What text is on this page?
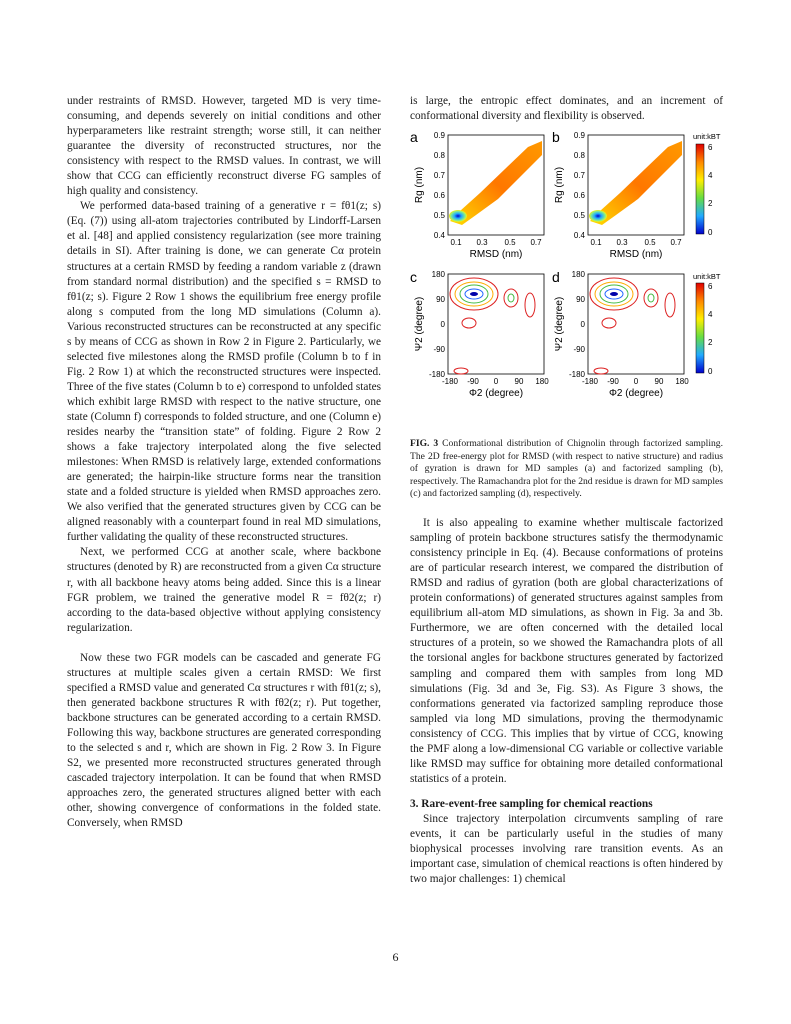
under restraints of RMSD. However, targeted MD is very time-consuming, and depends severely on initial conditions and other hyperparameters like restraint strength; worse still, it can neither guarantee the diversity of reconstructed structures, nor the consistency with respect to the RMSD values. In contrast, we will show that CCG can efficiently reconstruct diverse FG samples of high quality and consistency.

We performed data-based training of a generative r = fθ1(z; s) (Eq. (7)) using all-atom trajectories contributed by Lindorff-Larsen et al. [48] and applied consistency regularization (see more training details in SI). After training is done, we can generate Cα protein structures at a certain RMSD by feeding a random variable z (drawn from standard normal distribution) and the specified s = RMSD to fθ1(z; s). Figure 2 Row 1 shows the equilibrium free energy profile along s computed from the long MD simulations (Column a). Various reconstructed structures can be reconstructed at any specific s by means of CCG as shown in Row 2 in Figure 2. Particularly, we selected five milestones along the RMSD profile (Column b to f in Fig. 2 Row 1) at which the reconstructed structures were inspected. Three of the five states (Column b to e) correspond to unfolded states which exhibit large RMSD with respect to the native structure, one state (Column f) corresponds to folded structure, and one (Column e) resides nearby the “transition state” of folding. Figure 2 Row 2 shows a fake trajectory interpolated along the five selected milestones: When RMSD is relatively large, extended conformations are generated; the hairpin-like structure forms near the transition state and a folded structure is yielded when RMSD approaches zero. We also verified that the generated structures given by CCG can be aligned reasonably with a counterpart found in real MD simulations, further validating the quality of these reconstructed structures.

Next, we performed CCG at another scale, where backbone structures (denoted by R) are reconstructed from a given Cα structure r, with all backbone heavy atoms being added. Since this is a linear FGR problem, we trained the generative model R = fθ2(z; r) according to the data-based objective without applying consistency regularization.

Now these two FGR models can be cascaded and generate FG structures at multiple scales given a certain RMSD: We first specified a RMSD value and generated Cα structures r with fθ1(z; s), then generated backbone structures R with fθ2(z; r). Put together, backbone structures can be generated according to a certain RMSD. Following this way, backbone structures are generated corresponding to the selected s and r, which are shown in Fig. 2 Row 3. In Figure S2, we presented more reconstructed structures generated through cascaded trajectory interpolation. It can be found that when RMSD approaches zero, the generated structures aligned better with each other, showing convergence of conformations in the folded state. Conversely, when RMSD

is large, the entropic effect dominates, and an increment of conformational diversity and flexibility is observed.

a 0.9
0.8
0.7
0.6
0.5
0.4
Rg (nm)
0.1 0.3 0.5 0.7
RMSD (nm)
b 0.9
0.8
0.7
0.6
0.5
0.4
Rg (nm)
0.1 0.3 0.5 0.7
RMSD (nm)
unit:kBT
6
4
2
0
c 180
90
0
-90
-180
Ψ2 (degree)
-180 -90 0 90 180
Φ2 (degree)
d 180
90
0
-90
-180
Ψ2 (degree)
-180 -90 0 90 180
Φ2 (degree)
unit:kBT
6
4
2
0

FIG. 3 Conformational distribution of Chignolin through factorized sampling. The 2D free-energy plot for RMSD (with respect to native structure) and radius of gyration is drawn for MD samples (a) and factorized sampling (b), respectively. The Ramachandra plot for the 2nd residue is drawn for MD samples (c) and factorized sampling (d), respectively.

It is also appealing to examine whether multiscale factorized sampling of protein backbone structures satisfy the thermodynamic consistency principle in Eq. (4). Because conformations of proteins are of particular research interest, we compared the distribution of RMSD and radius of gyration (both are global characterizations of protein conformations) of generated structures against samples from equilibrium all-atom MD simulations, as shown in Fig. 3a and 3b. Furthermore, we are often concerned with the detailed local structures of a protein, so we showed the Ramachandra plots of all the torsional angles for backbone structures generated by factorized sampling and compared them with samples from long MD simulations (Fig. 3d and 3e, Fig. S3). As Figure 3 shows, the conformations generated via factorized sampling reproduce those sampled via long MD simulations, proving the thermodynamic consistency of CCG. This implies that by virtue of CCG, knowing the PMF along a low-dimensional CG variable or collective variable like RMSD may suffice for obtaining more detailed conformational statistics of a protein.

3. Rare-event-free sampling for chemical reactions

Since trajectory interpolation circumvents sampling of rare events, it can be particularly useful in the studies of many biophysical processes involving rare transition events. As an important case, simulation of chemical reactions is often hindered by two major challenges: 1) chemical

6
